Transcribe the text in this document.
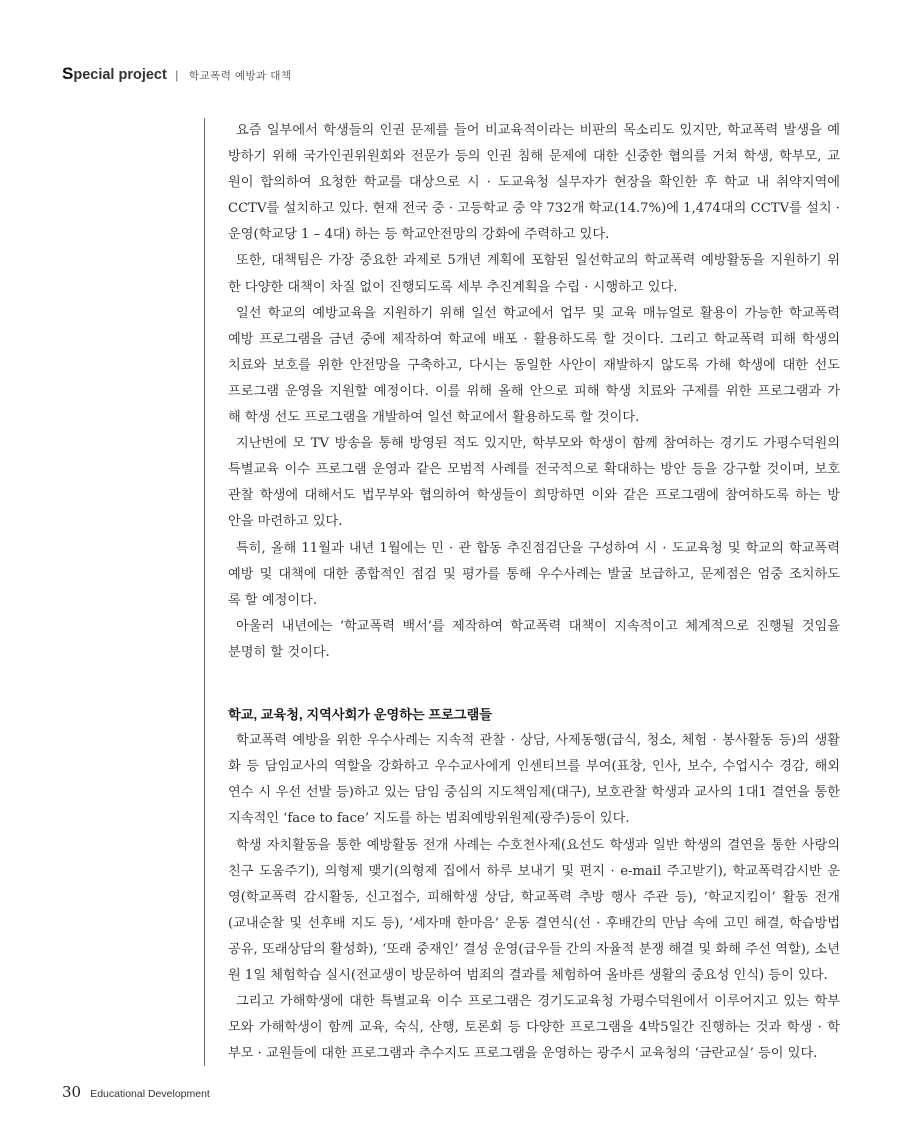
Special project | 학교폭력 예방과 대책
요즘 일부에서 학생들의 인권 문제를 들어 비교육적이라는 비판의 목소리도 있지만, 학교폭력 발생을 예
방하기 위해 국가인권위원회와 전문가 등의 인권 침해 문제에 대한 신중한 협의를 거쳐 학생, 학부모, 교
원이 합의하여 요청한 학교를 대상으로 시 · 도교육청 실무자가 현장을 확인한 후 학교 내 취약지역에
CCTV를 설치하고 있다. 현재 전국 중 · 고등학교 중 약 732개 학교(14.7%)에 1,474대의 CCTV를 설치 ·
운영(학교당 1 – 4대) 하는 등 학교안전망의 강화에 주력하고 있다.
또한, 대책팀은 가장 중요한 과제로 5개년 계획에 포함된 일선학교의 학교폭력 예방활동을 지원하기 위
한 다양한 대책이 차질 없이 진행되도록 세부 추진계획을 수립 · 시행하고 있다.
일선 학교의 예방교육을 지원하기 위해 일선 학교에서 업무 및 교육 매뉴얼로 활용이 가능한 학교폭력
예방 프로그램을 금년 중에 제작하여 학교에 배포 · 활용하도록 할 것이다. 그리고 학교폭력 피해 학생의
치료와 보호를 위한 안전망을 구축하고, 다시는 동일한 사안이 재발하지 않도록 가해 학생에 대한 선도
프로그램 운영을 지원할 예정이다. 이를 위해 올해 안으로 피해 학생 치료와 구제를 위한 프로그램과 가
해 학생 선도 프로그램을 개발하여 일선 학교에서 활용하도록 할 것이다.
지난번에 모 TV 방송을 통해 방영된 적도 있지만, 학부모와 학생이 함께 참여하는 경기도 가평수덕원의
특별교육 이수 프로그램 운영과 같은 모범적 사례를 전국적으로 확대하는 방안 등을 강구할 것이며, 보호
관찰 학생에 대해서도 법무부와 협의하여 학생들이 희망하면 이와 같은 프로그램에 참여하도록 하는 방
안을 마련하고 있다.
특히, 올해 11월과 내년 1월에는 민 · 관 합동 추진점검단을 구성하여 시 · 도교육청 및 학교의 학교폭력
예방 및 대책에 대한 종합적인 점검 및 평가를 통해 우수사례는 발굴 보급하고, 문제점은 엄중 조치하도
록 할 예정이다.
아울러 내년에는 ‘학교폭력 백서’를 제작하여 학교폭력 대책이 지속적이고 체계적으로 진행될 것임을
분명히 할 것이다.
학교, 교육청, 지역사회가 운영하는 프로그램들
학교폭력 예방을 위한 우수사례는 지속적 관찰 · 상담, 사제동행(급식, 청소, 체험 · 봉사활동 등)의 생활
화 등 담임교사의 역할을 강화하고 우수교사에게 인센티브를 부여(표창, 인사, 보수, 수업시수 경감, 해외
연수 시 우선 선발 등)하고 있는 담임 중심의 지도책임제(대구), 보호관찰 학생과 교사의 1대1 결연을 통한
지속적인 ‘face to face’ 지도를 하는 범죄예방위원제(광주)등이 있다.
학생 자치활동을 통한 예방활동 전개 사례는 수호천사제(요선도 학생과 일반 학생의 결연을 통한 사랑의
친구 도움주기), 의형제 맺기(의형제 집에서 하루 보내기 및 편지 · e-mail 주고받기), 학교폭력감시반 운
영(학교폭력 감시활동, 신고접수, 피해학생 상담, 학교폭력 추방 행사 주관 등), ‘학교지킴이’ 활동 전개
(교내순찰 및 선후배 지도 등), ‘세자매 한마음’ 운동 결연식(선 · 후배간의 만남 속에 고민 해결, 학습방법
공유, 또래상담의 활성화), ‘또래 중재인’ 결성 운영(급우들 간의 자율적 분쟁 해결 및 화해 주선 역할), 소년
원 1일 체험학습 실시(전교생이 방문하여 범죄의 결과를 체험하여 올바른 생활의 중요성 인식) 등이 있다.
그리고 가해학생에 대한 특별교육 이수 프로그램은 경기도교육청 가평수덕원에서 이루어지고 있는 학부
모와 가해학생이 함께 교육, 숙식, 산행, 토론회 등 다양한 프로그램을 4박5일간 진행하는 것과 학생 · 학
부모 · 교원들에 대한 프로그램과 추수지도 프로그램을 운영하는 광주시 교육청의 ‘금란교실’ 등이 있다.
30 Educational Development
